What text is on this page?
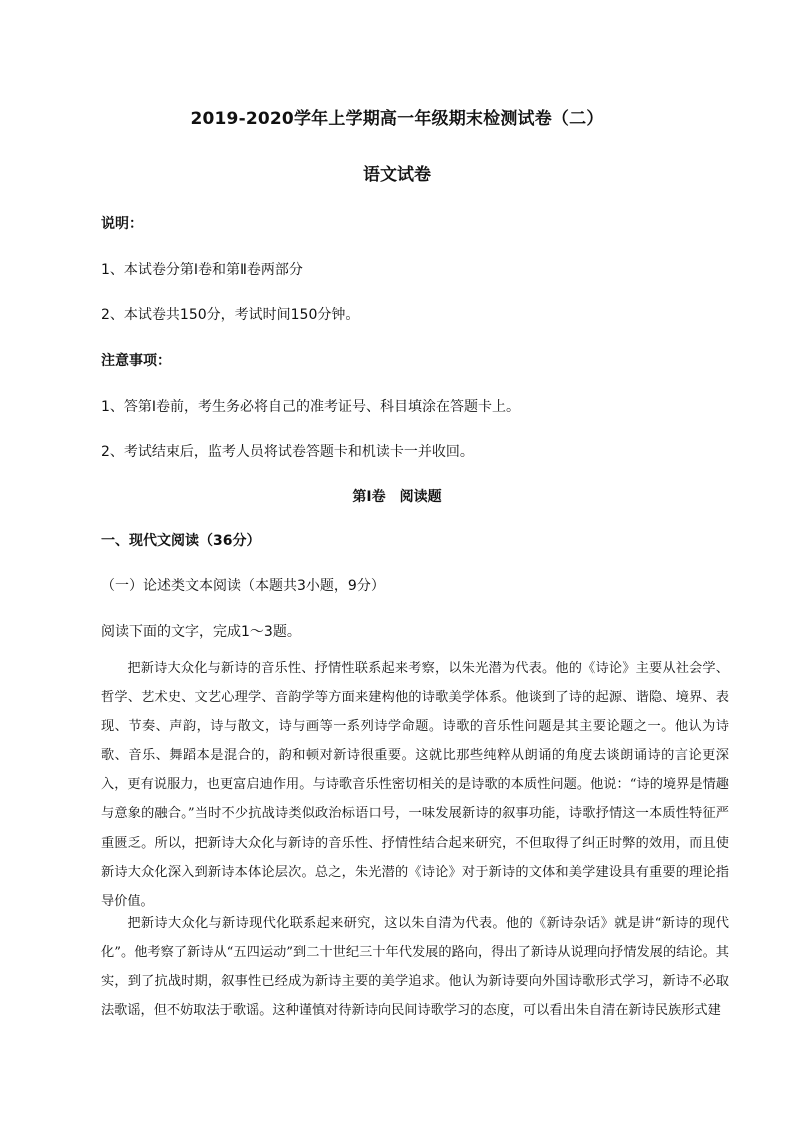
2019-2020学年上学期高一年级期末检测试卷（二）
语文试卷
说明：
1、本试卷分第Ⅰ卷和第Ⅱ卷两部分
2、本试卷共150分，考试时间150分钟。
注意事项：
1、答第Ⅰ卷前，考生务必将自己的准考证号、科目填涂在答题卡上。
2、考试结束后，监考人员将试卷答题卡和机读卡一并收回。
第Ⅰ卷　阅读题
一、现代文阅读（36分）
（一）论述类文本阅读（本题共3小题，9分）
阅读下面的文字，完成1～3题。
把新诗大众化与新诗的音乐性、抒情性联系起来考察，以朱光潜为代表。他的《诗论》主要从社会学、哲学、艺术史、文艺心理学、音韵学等方面来建构他的诗歌美学体系。他谈到了诗的起源、谐隐、境界、表现、节奏、声韵，诗与散文，诗与画等一系列诗学命题。诗歌的音乐性问题是其主要论题之一。他认为诗歌、音乐、舞蹈本是混合的，韵和顿对新诗很重要。这就比那些纯粹从朗诵的角度去谈朗诵诗的言论更深入，更有说服力，也更富启迪作用。与诗歌音乐性密切相关的是诗歌的本质性问题。他说：“诗的境界是情趣与意象的融合。”当时不少抗战诗类似政治标语口号，一味发展新诗的叙事功能，诗歌抒情这一本质性特征严重匮乏。所以，把新诗大众化与新诗的音乐性、抒情性结合起来研究，不但取得了纠正时弊的效用，而且使新诗大众化深入到新诗本体论层次。总之，朱光潜的《诗论》对于新诗的文体和美学建设具有重要的理论指导价值。
把新诗大众化与新诗现代化联系起来研究，这以朱自清为代表。他的《新诗杂话》就是讲“新诗的现代化”。他考察了新诗从“五四运动”到二十世纪三十年代发展的路向，得出了新诗从说理向抒情发展的结论。其实，到了抗战时期，叙事性已经成为新诗主要的美学追求。他认为新诗要向外国诗歌形式学习，新诗不必取法歌谣，但不妨取法于歌谣。这种谨慎对待新诗向民间诗歌学习的态度，可以看出朱自清在新诗民族形式建
